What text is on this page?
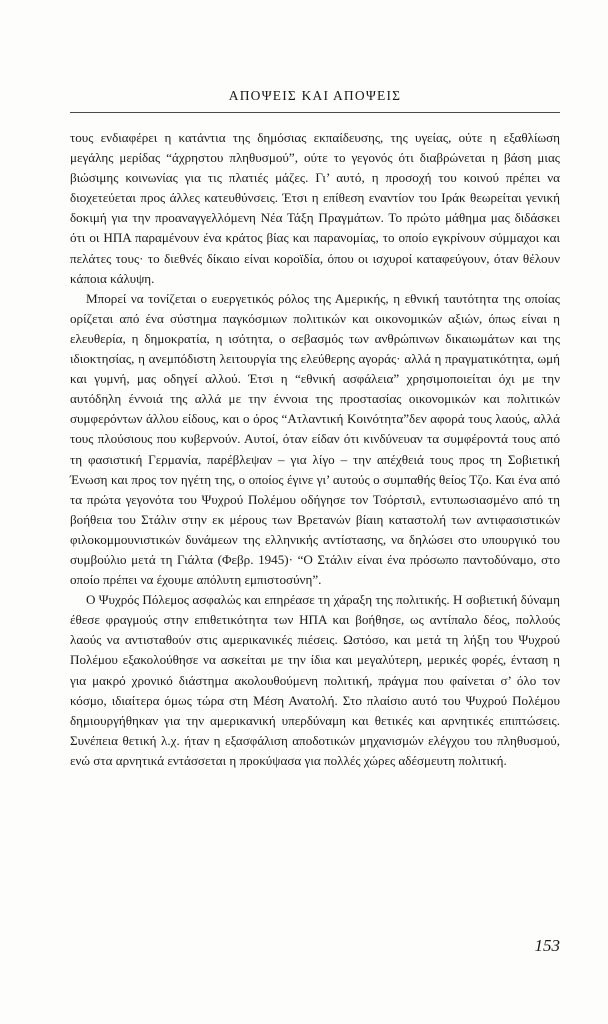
ΑΠΟΨΕΙΣ ΚΑΙ ΑΠΟΨΕΙΣ

τους ενδιαφέρει η κατάντια της δημόσιας εκπαίδευσης, της υγείας, ούτε η εξαθλίωση μεγάλης μερίδας “άχρηστου πληθυσμού”, ούτε το γεγονός ότι διαβρώνεται η βάση μιας βιώσιμης κοινωνίας για τις πλατιές μάζες. Γι’ αυτό, η προσοχή του κοινού πρέπει να διοχετεύεται προς άλλες κατευθύνσεις. Έτσι η επίθεση εναντίον του Ιράκ θεωρείται γενική δοκιμή για την προαναγγελλόμενη Νέα Τάξη Πραγμάτων. Το πρώτο μάθημα μας διδάσκει ότι οι ΗΠΑ παραμένουν ένα κράτος βίας και παρανομίας, το οποίο εγκρίνουν σύμμαχοι και πελάτες τους· το διεθνές δίκαιο είναι κοροϊδία, όπου οι ισχυροί καταφεύγουν, όταν θέλουν κάποια κάλυψη.

Μπορεί να τονίζεται ο ευεργετικός ρόλος της Αμερικής, η εθνική ταυτότητα της οποίας ορίζεται από ένα σύστημα παγκόσμιων πολιτικών και οικονομικών αξιών, όπως είναι η ελευθερία, η δημοκρατία, η ισότητα, ο σεβασμός των ανθρώπινων δικαιωμάτων και της ιδιοκτησίας, η ανεμπόδιστη λειτουργία της ελεύθερης αγοράς· αλλά η πραγματικότητα, ωμή και γυμνή, μας οδηγεί αλλού. Έτσι η “εθνική ασφάλεια” χρησιμοποιείται όχι με την αυτόδηλη έννοιά της αλλά με την έννοια της προστασίας οικονομικών και πολιτικών συμφερόντων άλλου είδους, και ο όρος “Ατλαντική Κοινότητα”δεν αφορά τους λαούς, αλλά τους πλούσιους που κυβερνούν. Αυτοί, όταν είδαν ότι κινδύνευαν τα συμφέροντά τους από τη φασιστική Γερμανία, παρέβλεψαν – για λίγο – την απέχθειά τους προς τη Σοβιετική Ένωση και προς τον ηγέτη της, ο οποίος έγινε γι’ αυτούς ο συμπαθής θείος Τζο. Και ένα από τα πρώτα γεγονότα του Ψυχρού Πολέμου οδήγησε τον Τσόρτσιλ, εντυπωσιασμένο από τη βοήθεια του Στάλιν στην εκ μέρους των Βρετανών βίαιη καταστολή των αντιφασιστικών φιλοκομμουνιστικών δυνάμεων της ελληνικής αντίστασης, να δηλώσει στο υπουργικό του συμβούλιο μετά τη Γιάλτα (Φεβρ. 1945)· “Ο Στάλιν είναι ένα πρόσωπο παντοδύναμο, στο οποίο πρέπει να έχουμε απόλυτη εμπιστοσύνη”.

Ο Ψυχρός Πόλεμος ασφαλώς και επηρέασε τη χάραξη της πολιτικής. Η σοβιετική δύναμη έθεσε φραγμούς στην επιθετικότητα των ΗΠΑ και βοήθησε, ως αντίπαλο δέος, πολλούς λαούς να αντισταθούν στις αμερικανικές πιέσεις. Ωστόσο, και μετά τη λήξη του Ψυχρού Πολέμου εξακολούθησε να ασκείται με την ίδια και μεγαλύτερη, μερικές φορές, ένταση η για μακρό χρονικό διάστημα ακολουθούμενη πολιτική, πράγμα που φαίνεται σ’ όλο τον κόσμο, ιδιαίτερα όμως τώρα στη Μέση Ανατολή. Στο πλαίσιο αυτό του Ψυχρού Πολέμου δημιουργήθηκαν για την αμερικανική υπερδύναμη και θετικές και αρνητικές επιπτώσεις. Συνέπεια θετική λ.χ. ήταν η εξασφάλιση αποδοτικών μηχανισμών ελέγχου του πληθυσμού, ενώ στα αρνητικά εντάσσεται η προκύψασα για πολλές χώρες αδέσμευτη πολιτική.

153
